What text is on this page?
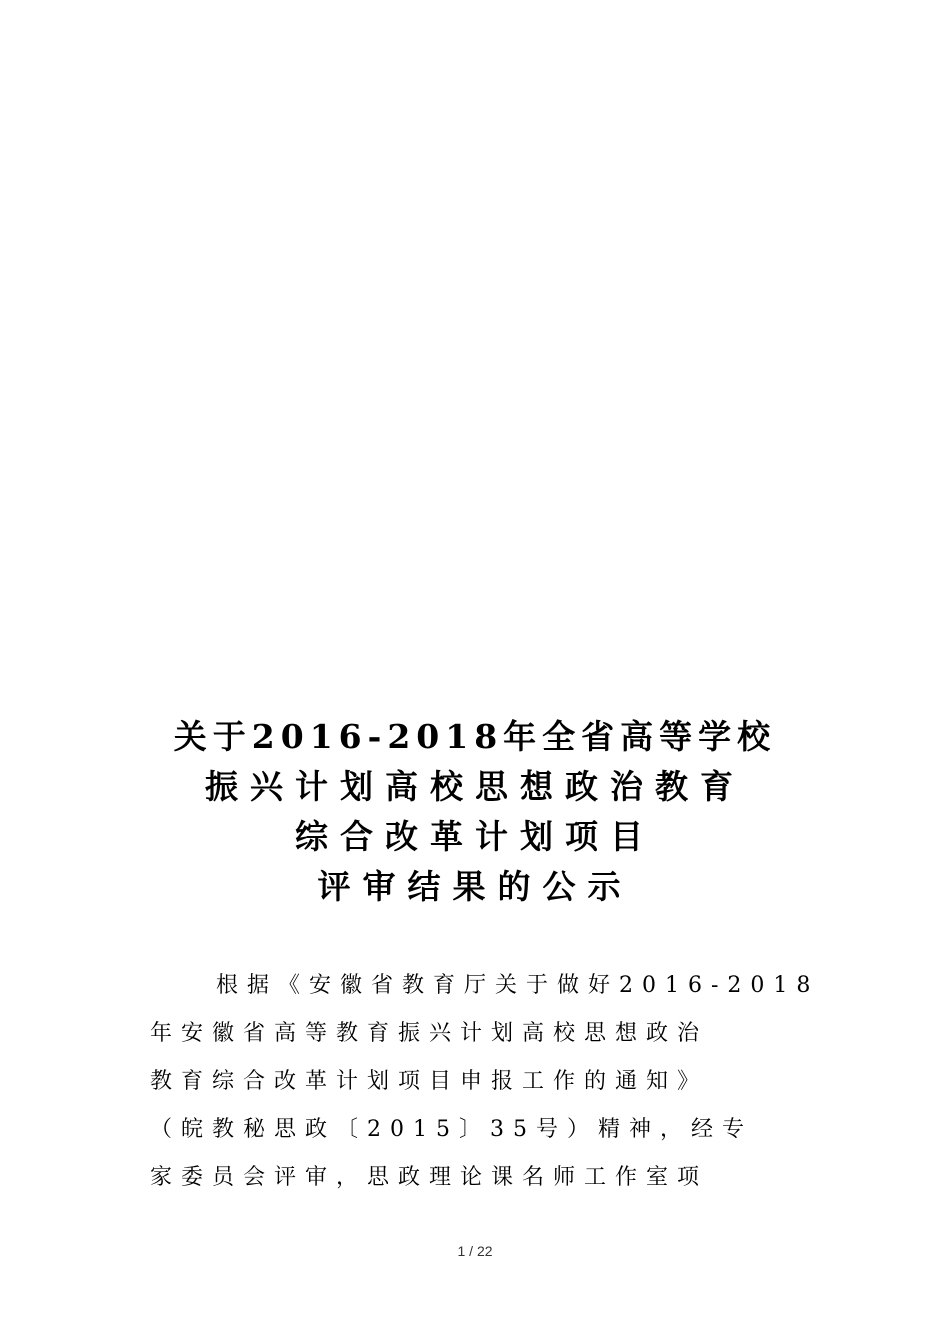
关于2016-2018年全省高等学校
振兴计划高校思想政治教育
综合改革计划项目
评审结果的公示
根据《安徽省教育厅关于做好2016-2018
年安徽省高等教育振兴计划高校思想政治
教育综合改革计划项目申报工作的通知》
（皖教秘思政〔2015〕35号）精神，经专
家委员会评审，思政理论课名师工作室项
1 / 22
